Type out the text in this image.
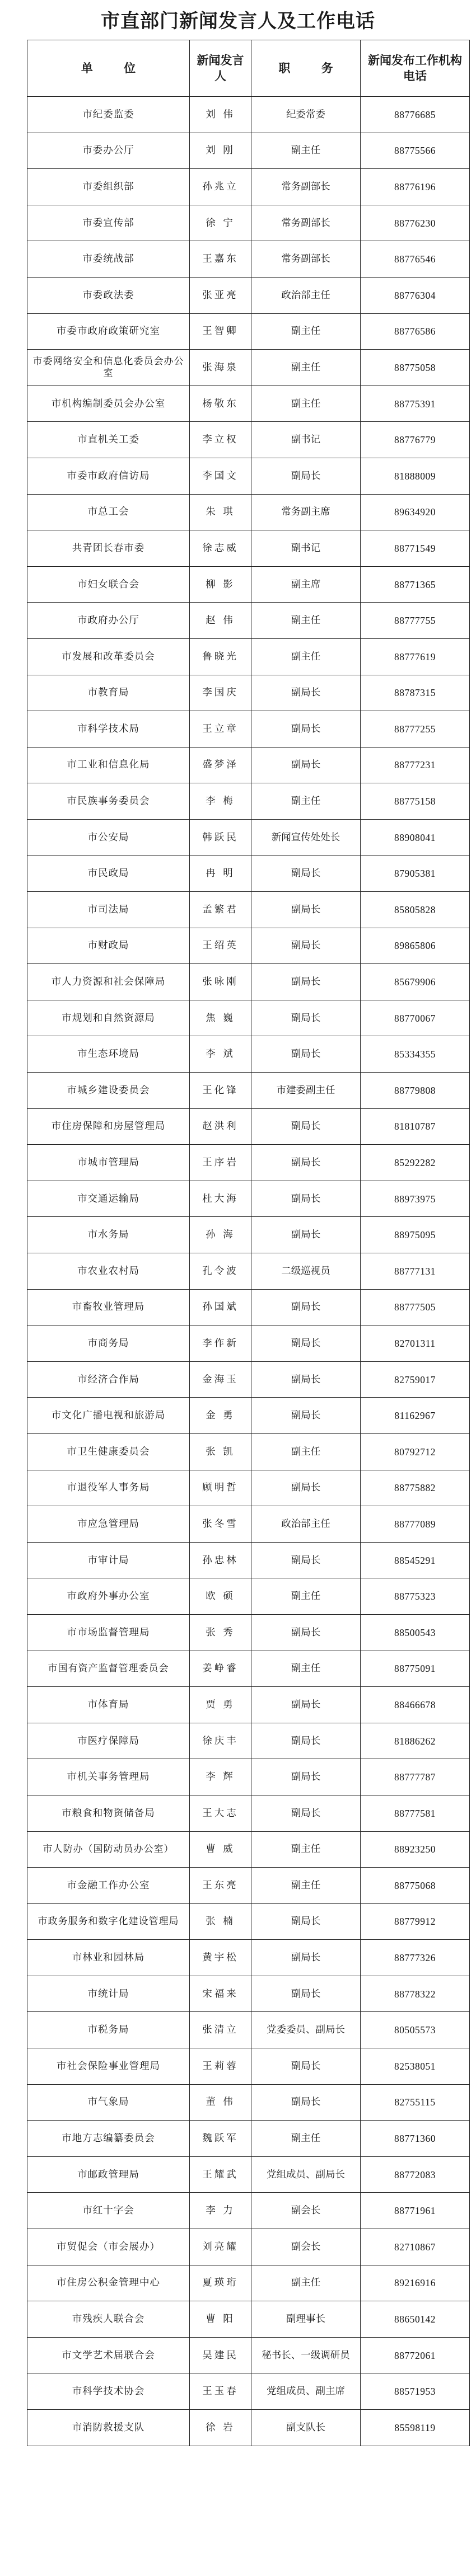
市直部门新闻发言人及工作电话
单 位	新闻发言人	职 务	新闻发布工作机构电话
市纪委监委	刘 伟	纪委常委	88776685
市委办公厅	刘 刚	副主任	88775566
市委组织部	孙兆立	常务副部长	88776196
市委宣传部	徐 宁	常务副部长	88776230
市委统战部	王嘉东	常务副部长	88776546
市委政法委	张亚亮	政治部主任	88776304
市委市政府政策研究室	王智卿	副主任	88776586
市委网络安全和信息化委员会办公室	张海泉	副主任	88775058
市机构编制委员会办公室	杨敬东	副主任	88775391
市直机关工委	李立权	副书记	88776779
市委市政府信访局	李国文	副局长	81888009
市总工会	朱 琪	常务副主席	89634920
共青团长春市委	徐志威	副书记	88771549
市妇女联合会	柳 影	副主席	88771365
市政府办公厅	赵 伟	副主任	88777755
市发展和改革委员会	鲁晓光	副主任	88777619
市教育局	李国庆	副局长	88787315
市科学技术局	王立章	副局长	88777255
市工业和信息化局	盛梦泽	副局长	88777231
市民族事务委员会	李 梅	副主任	88775158
市公安局	韩跃民	新闻宣传处处长	88908041
市民政局	冉 明	副局长	87905381
市司法局	孟繁君	副局长	85805828
市财政局	王绍英	副局长	89865806
市人力资源和社会保障局	张咏刚	副局长	85679906
市规划和自然资源局	焦 巍	副局长	88770067
市生态环境局	李 斌	副局长	85334355
市城乡建设委员会	王化锋	市建委副主任	88779808
市住房保障和房屋管理局	赵洪利	副局长	81810787
市城市管理局	王序岩	副局长	85292282
市交通运输局	杜大海	副局长	88973975
市水务局	孙 海	副局长	88975095
市农业农村局	孔令波	二级巡视员	88777131
市畜牧业管理局	孙国斌	副局长	88777505
市商务局	李作新	副局长	82701311
市经济合作局	金海玉	副局长	82759017
市文化广播电视和旅游局	金 勇	副局长	81162967
市卫生健康委员会	张 凯	副主任	80792712
市退役军人事务局	顾明哲	副局长	88775882
市应急管理局	张冬雪	政治部主任	88777089
市审计局	孙忠林	副局长	88545291
市政府外事办公室	欧 硕	副主任	88775323
市市场监督管理局	张 秀	副局长	88500543
市国有资产监督管理委员会	姜峥睿	副主任	88775091
市体育局	贾 勇	副局长	88466678
市医疗保障局	徐庆丰	副局长	81886262
市机关事务管理局	李 辉	副局长	88777787
市粮食和物资储备局	王大志	副局长	88777581
市人防办（国防动员办公室）	曹 威	副主任	88923250
市金融工作办公室	王东亮	副主任	88775068
市政务服务和数字化建设管理局	张 楠	副局长	88779912
市林业和园林局	黄宇松	副局长	88777326
市统计局	宋福来	副局长	88778322
市税务局	张清立	党委委员、副局长	80505573
市社会保险事业管理局	王莉蓉	副局长	82538051
市气象局	董 伟	副局长	82755115
市地方志编纂委员会	魏跃军	副主任	88771360
市邮政管理局	王耀武	党组成员、副局长	88772083
市红十字会	李 力	副会长	88771961
市贸促会（市会展办）	刘亮耀	副会长	82710867
市住房公积金管理中心	夏瑛珩	副主任	89216916
市残疾人联合会	曹 阳	副理事长	88650142
市文学艺术届联合会	吴建民	秘书长、一级调研员	88772061
市科学技术协会	王玉春	党组成员、副主席	88571953
市消防救援支队	徐 岩	副支队长	85598119
